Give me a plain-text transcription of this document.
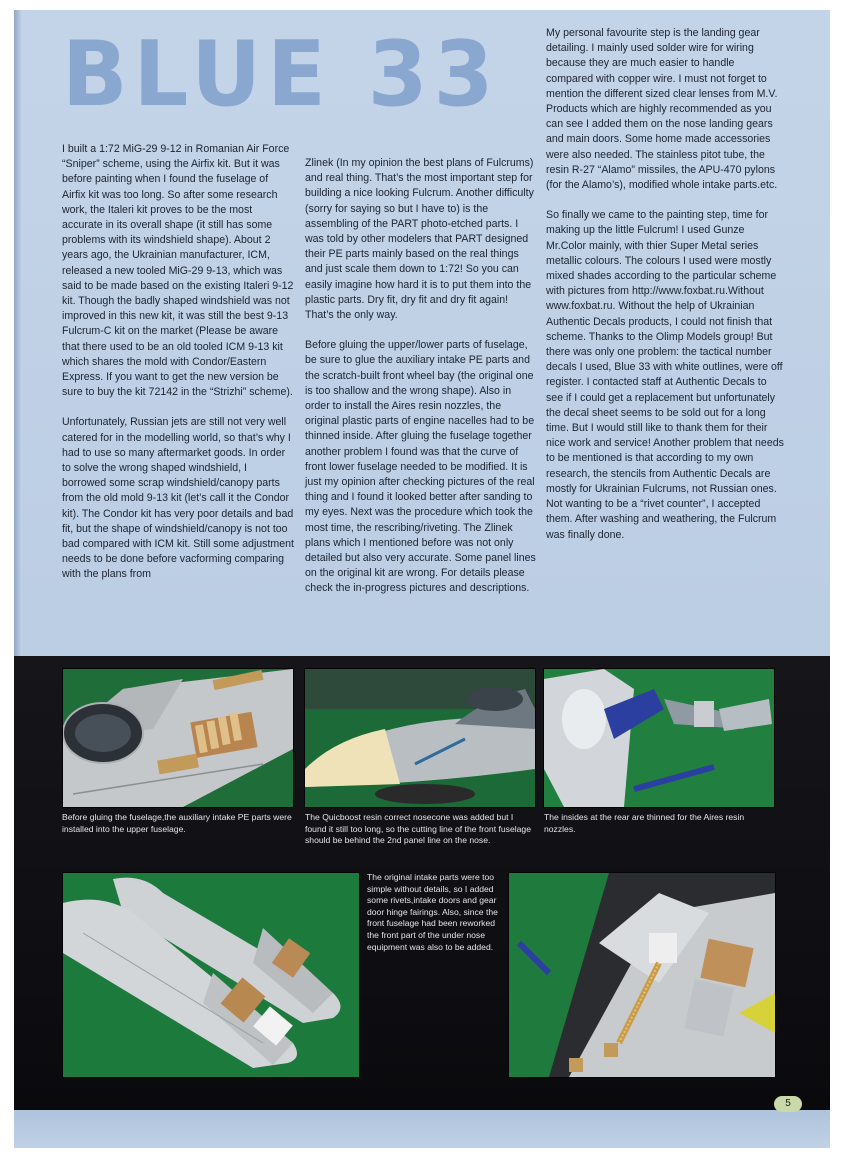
BLUE 33

I built a 1:72 MiG-29 9-12 in Romanian Air Force “Sniper” scheme, using the Airfix kit. But it was before painting when I found the fuselage of Airfix kit was too long. So after some research work, the Italeri kit proves to be the most accurate in its overall shape (it still has some problems with its windshield shape). About 2 years ago, the Ukrainian manufacturer, ICM, released a new tooled MiG-29 9-13, which was said to be made based on the existing Italeri 9-12 kit. Though the badly shaped windshield was not improved in this new kit, it was still the best 9-13 Fulcrum-C kit on the market (Please be aware that there used to be an old tooled ICM 9-13 kit which shares the mold with Condor/Eastern Express. If you want to get the new version be sure to buy the kit 72142 in the “Strizhi” scheme).

Unfortunately, Russian jets are still not very well catered for in the modelling world, so that’s why I had to use so many aftermarket goods. In order to solve the wrong shaped windshield, I borrowed some scrap windshield/canopy parts from the old mold 9-13 kit (let’s call it the Condor kit). The Condor kit has very poor details and bad fit, but the shape of windshield/canopy is not too bad compared with ICM kit. Still some adjustment needs to be done before vacforming comparing with the plans from

Zlinek (In my opinion the best plans of Fulcrums) and real thing. That’s the most important step for building a nice looking Fulcrum. Another difficulty (sorry for saying so but I have to) is the assembling of the PART photo-etched parts. I was told by other modelers that PART designed their PE parts mainly based on the real things and just scale them down to 1:72! So you can easily imagine how hard it is to put them into the plastic parts. Dry fit, dry fit and dry fit again! That’s the only way.

Before gluing the upper/lower parts of fuselage, be sure to glue the auxiliary intake PE parts and the scratch-built front wheel bay (the original one is too shallow and the wrong shape). Also in order to install the Aires resin nozzles, the original plastic parts of engine nacelles had to be thinned inside. After gluing the fuselage together another problem I found was that the curve of front lower fuselage needed to be modified. It is just my opinion after checking pictures of the real thing and I found it looked better after sanding to my eyes. Next was the procedure which took the most time, the rescribing/riveting. The Zlinek plans which I mentioned before was not only detailed but also very accurate. Some panel lines on the original kit are wrong. For details please check the in-progress pictures and descriptions.

My personal favourite step is the landing gear detailing. I mainly used solder wire for wiring because they are much easier to handle compared with copper wire. I must not forget to mention the different sized clear lenses from M.V. Products which are highly recommended as you can see I added them on the nose landing gears and main doors. Some home made accessories were also needed. The stainless pitot tube, the resin R-27 “Alamo” missiles, the APU-470 pylons (for the Alamo’s), modified whole intake parts.etc.

So finally we came to the painting step, time for making up the little Fulcrum! I used Gunze Mr.Color mainly, with thier Super Metal series metallic colours. The colours I used were mostly mixed shades according to the particular scheme with pictures from http://www.foxbat.ru.Without www.foxbat.ru. Without the help of Ukrainian Authentic Decals products, I could not finish that scheme. Thanks to the Olimp Models group! But there was only one problem: the tactical number decals I used, Blue 33 with white outlines, were off register. I contacted staff at Authentic Decals to see if I could get a replacement but unfortunately the decal sheet seems to be sold out for a long time. But I would still like to thank them for their nice work and service! Another problem that needs to be mentioned is that according to my own research, the stencils from Authentic Decals are mostly for Ukrainian Fulcrums, not Russian ones. Not wanting to be a “rivet counter”, I accepted them. After washing and weathering, the Fulcrum was finally done.

Before gluing the fuselage,the auxiliary intake PE parts were installed into the upper fuselage.
The Quicboost resin correct nosecone was added but I found it still too long, so the cutting line of the front fuselage should be behind the 2nd panel line on the nose.
The insides at the rear are thinned for the Aires resin nozzles.
The original intake parts were too simple without details, so I added some rivets,intake doors and gear door hinge fairings. Also, since the front fuselage had been reworked the front part of the under nose equipment was also to be added.
5
